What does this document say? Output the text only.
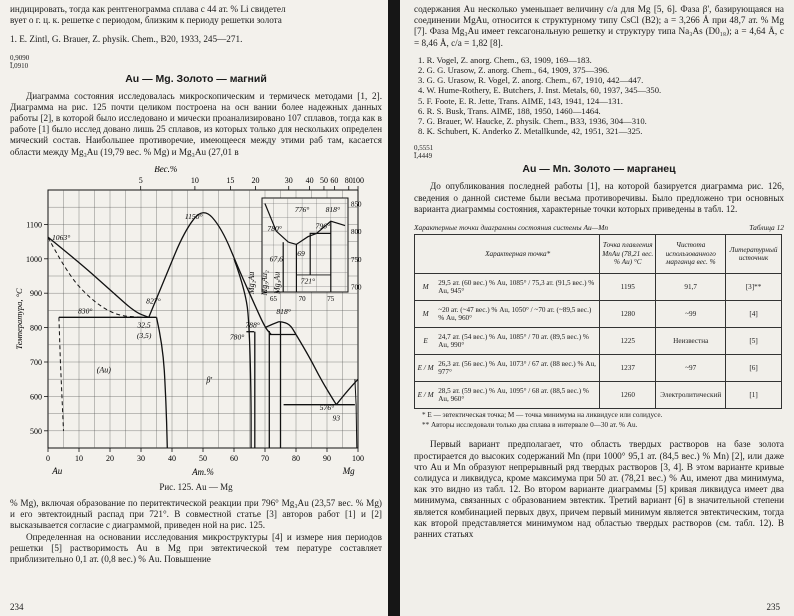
индицировать, тогда как рентгенограмма сплава с 44 ат. % Li свидетел

вует о г. ц. к. решетке с периодом, близким к периоду решетки золота

1. E. Zintl, G. Brauer, Z. physik. Chem., B20, 1933, 245—271.

0,9090
Ī,0910
Au — Mg. Золото — магний

Диаграмма состояния исследовалась микроскопическим и термическ методами [1, 2]. Диаграмма на рис. 125 почти целиком построена на осн вании более надежных данных работы [2], в которой было исследовано и мически проанализировано 107 сплавов, тогда как в работе [1] было исслед довано лишь 25 сплавов, из которых только для нескольких определен мический состав. Наибольшее противоречие, имеющееся между этими раб там, касается области между Mg₃Au (19,79 вес. % Mg) и Mg₃Au (27,01 в

0	10	20	30	40	50	60	70	80	90	100
Au	Mg
Ат.%
5	10	15 20	30 40 50 60 80 100
Вес.%
1100
1000
900
800
700
600
500
Температура, °С
850
800
750
700
65	70	75
1063°
1150°
830°
32,5
(3,5)
827°
780°
788°
818°
576°
93
818°
780°
776°
796°
67,6
69
721°
β'
(Au)
Mg₂Au Mg₅Au₂ Mg₃Au

Рис. 125. Au — Mg

% Mg), включая образование по перитектической реакции при 796° Mg₃Au (23,57 вес. % Mg) и его эвтектоидный распад при 721°. В совместной статье [3] авторов работ [1] и [2] высказывается согласие с диаграммой, приведен ной на рис. 125.

Определенная на основании исследования микроструктуры [4] и измере ния периодов решетки [5] растворимость Au в Mg при эвтектической тем пературе составляет приблизительно 0,1 ат. (0,8 вес.) % Au. Повышение

234

содержания Au несколько уменьшает величину c/a для Mg [5, 6]. Фаза β', базирующаяся на соединении MgAu, относится к структурному типу CsCl (B2); a = 3,266 Å при 48,7 ат. % Mg [7]. Фаза Mg₃Au имеет гексагональную решетку и структуру типа Na₃As (D0₁₈); a = 4,64 Å, c = 8,46 Å, c/a = 1,82 [8].

1. R. Vogel, Z. anorg. Chem., 63, 1909, 169—183.
2. G. G. Urasow, Z. anorg. Chem., 64, 1909, 375—396.
3. G. G. Urasow, R. Vogel, Z. anorg. Chem., 67, 1910, 442—447.
4. W. Hume-Rothery, E. Butchers, J. Inst. Metals, 60, 1937, 345—350.
5. F. Foote, E. R. Jette, Trans. AIME, 143, 1941, 124—131.
6. R. S. Busk, Trans. AIME, 188, 1950, 1460—1464.
7. G. Brauer, W. Haucke, Z. physik. Chem., B33, 1936, 304—310.
8. K. Schubert, K. Anderko Z. Metallkunde, 42, 1951, 321—325.
0,5551
Ī,4449
Au — Mn. Золото — марганец

До опубликования последней работы [1], на которой базируется диаграмма рис. 126, сведения о данной системе были весьма противоречивы. Было предложено три основных варианта диаграммы состояния, характерные точки которых приведены в табл. 12.

Таблица 12
Характерные точки диаграммы состояния системы Au—Mn
	Характерная точка*	Точка плавления MnAu (78,21 вес. % Au) °C	Чистота использованного марганца вес. %	Литературный источник
M	29,5 ат. (60 вес.) % Au, 1085° / 75,3 ат. (91,5 вес.) % Au, 945°	1195	91,7	[3]**
M	~20 ат. (~47 вес.) % Au, 1050° / ~70 ат. (~89,5 вес.) % Au, 960°	1280	~99	[4]
E	24,7 ат. (54 вес.) % Au, 1085° / 70 ат. (89,5 вес.) % Au, 990°	1225	Неизвестна	[5]
E / M	26,3 ат. (56 вес.) % Au, 1073° / 67 ат. (88 вес.) % Au, 977°	1237	~97	[6]
E / M	28,5 ат. (59 вес.) % Au, 1095° / 68 ат. (88,5 вес.) % Au, 960°	1260	Электролитический	[1]
* E — эвтектическая точка; M — точка минимума на ликвидусе или солидусе.
** Авторы исследовали только два сплава в интервале 0—30 ат. % Au.

Первый вариант предполагает, что область твердых растворов на базе золота простирается до высоких содержаний Mn (при 1000° 95,1 ат. (84,5 вес.) % Mn) [2], или даже что Au и Mn образуют непрерывный ряд твердых растворов [3, 4]. В этом варианте кривые солидуса и ликвидуса, кроме максимума при 50 ат. (78,21 вес.) % Au, имеют два минимума, как это видно из табл. 12. Во втором варианте диаграммы [5] кривая ликвидуса имеет два минимума, связанных с образованием эвтектик. Третий вариант [6] в значительной степени является комбинацией первых двух, причем первый минимум является эвтектическим, тогда как второй представляется минимумом над областью твердых растворов (см. табл. 12). В ранних статьях

235
